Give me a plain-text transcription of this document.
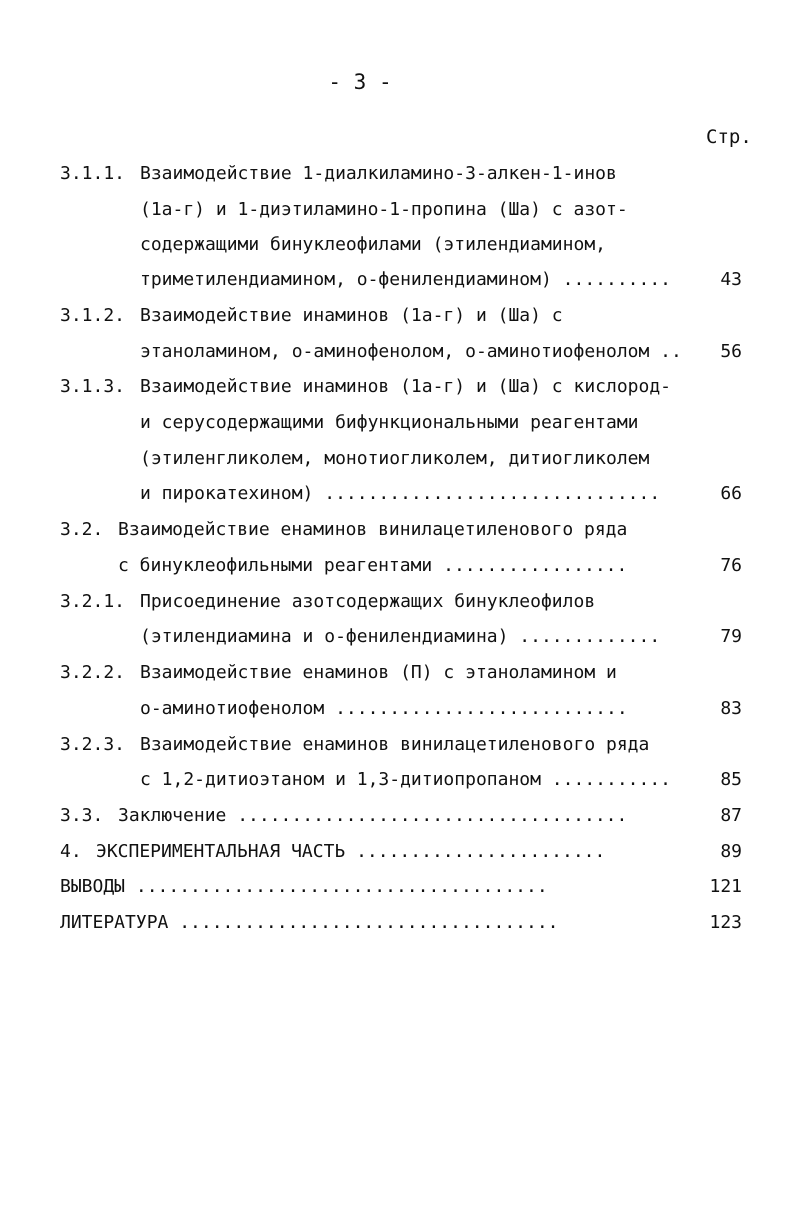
- 3 -
Стр.
3.1.1. Взаимодействие 1-диалкиламино-3-алкен-1-инов
(1а-г) и 1-диэтиламино-1-пропина (Ша) с азот-
содержащими бинуклеофилами (этилендиамином,
триметилендиамином, о-фенилендиамином) ..........	43
3.1.2. Взаимодействие инаминов (1а-г) и (Ша) с
этаноламином, о-аминофенолом, о-аминотиофенолом ..	56
3.1.3. Взаимодействие инаминов (1а-г) и (Ша) с кислород-
и серусодержащими бифункциональными реагентами
(этиленгликолем, монотиогликолем, дитиогликолем
и пирокатехином) ...............................	66
3.2. Взаимодействие енаминов винилацетиленового ряда
с бинуклеофильными реагентами .................	76
3.2.1. Присоединение азотсодержащих бинуклеофилов
(этилендиамина и о-фенилендиамина) .............	79
3.2.2. Взаимодействие енаминов (П) с этаноламином и
о-аминотиофенолом ...........................	83
3.2.3. Взаимодействие енаминов винилацетиленового ряда
с 1,2-дитиоэтаном и 1,3-дитиопропаном ...........	85
3.3. Заключение ....................................	87
4. ЭКСПЕРИМЕНТАЛЬНАЯ ЧАСТЬ .......................	89
ВЫВОДЫ ......................................	121
ЛИТЕРАТУРА ...................................	123
